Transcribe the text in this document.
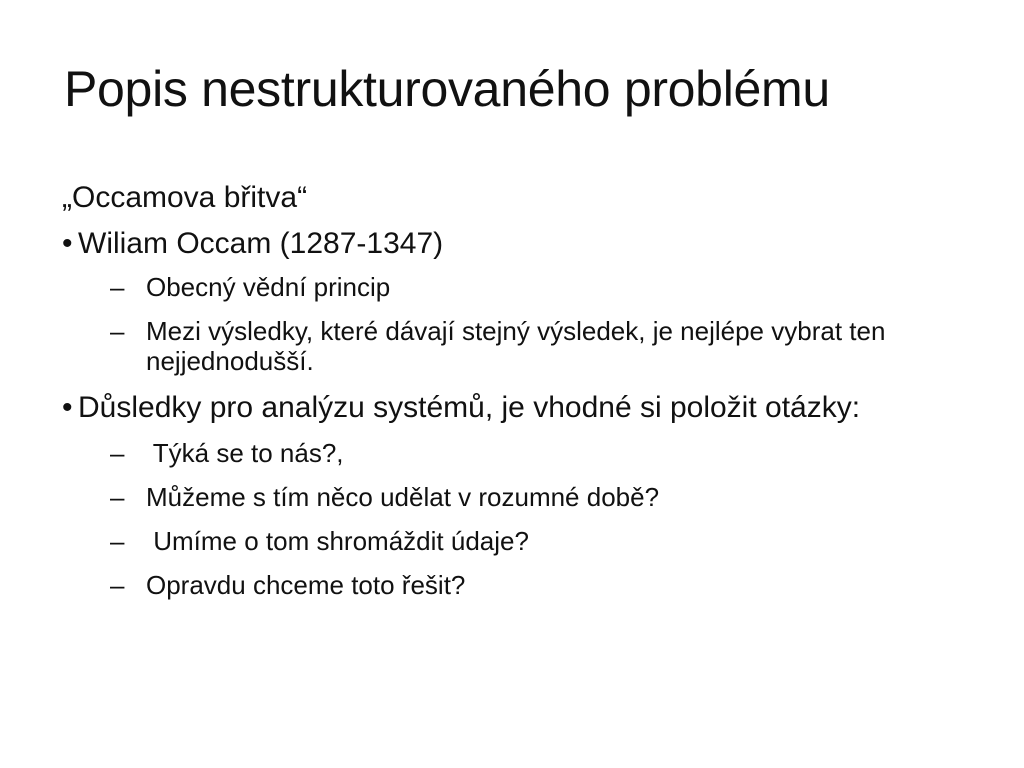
Popis nestrukturovaného problému

„Occamova břitva“

• Wiliam Occam (1287-1347)

– Obecný vědní princip

– Mezi výsledky, které dávají stejný výsledek, je nejlépe vybrat ten nejjednodušší.

• Důsledky pro analýzu systémů, je vhodné si položit otázky:

– Týká se to nás?,

– Můžeme s tím něco udělat v rozumné době?

– Umíme o tom shromáždit údaje?

– Opravdu chceme toto řešit?
